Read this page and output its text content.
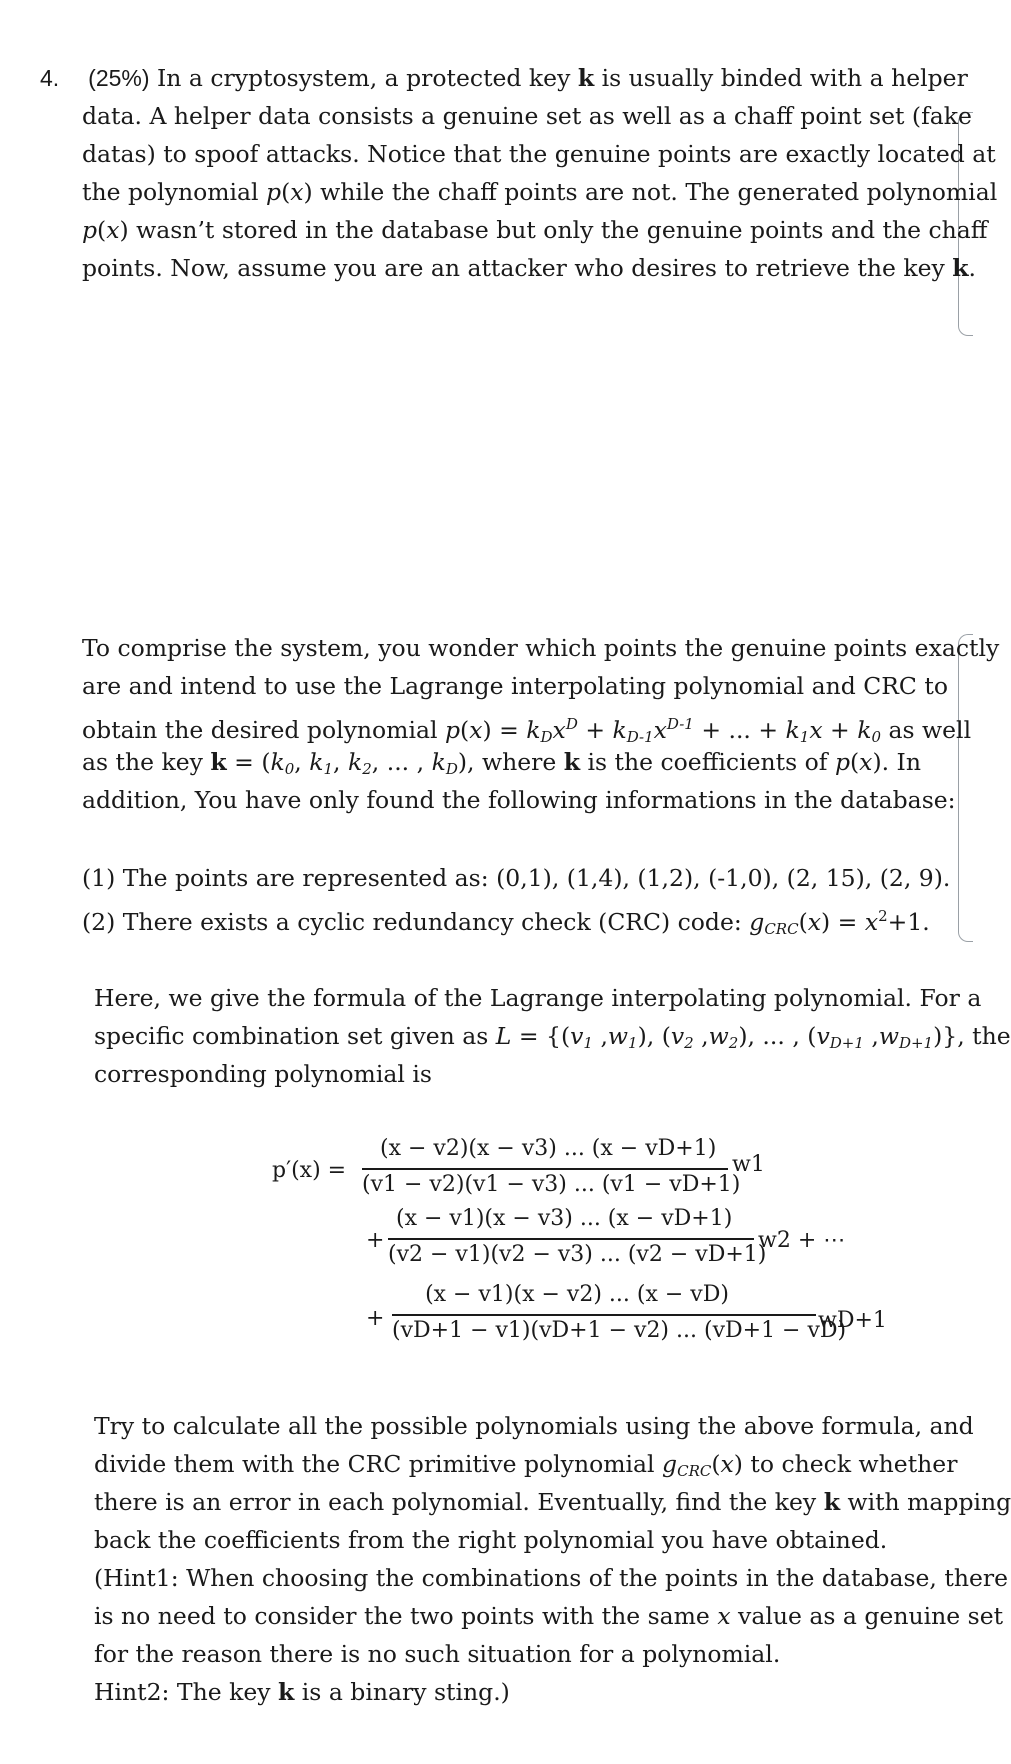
4. (25%) In a cryptosystem, a protected key k is usually binded with a helper
data. A helper data consists a genuine set as well as a chaff point set (fake
datas) to spoof attacks. Notice that the genuine points are exactly located at
the polynomial p(x) while the chaff points are not. The generated polynomial
p(x) wasn’t stored in the database but only the genuine points and the chaff
points. Now, assume you are an attacker who desires to retrieve the key k.
To comprise the system, you wonder which points the genuine points exactly
are and intend to use the Lagrange interpolating polynomial and CRC to
obtain the desired polynomial $p(x) = k_Dx^D + k_{D-1}x^{D-1}$ + ... + $k_1x + k_0$ as well
as the key $k = (k_0$, $k_1$, $k_2$, ... , $k_D$), where k is the coefficients of p(x). In
addition, You have only found the following informations in the database:
(1) The points are represented as: (0,1), (1,4), (1,2), (-1,0), (2, 15), (2, 9).
(2) There exists a cyclic redundancy check (CRC) code: $g_{CRC}(x) = x^2+1$.
Here, we give the formula of the Lagrange interpolating polynomial. For a
specific combination set given as $L = \{(v_1$ $,w_1$), ($v_2$ $,w_2$), ... , ($v_{D+1}$ $,w_{D+1}$)}, the
corresponding polynomial is
p′(x) =
(x − v2)(x − v3) ... (x − vD+1)
(v1 − v2)(v1 − v3) ... (v1 − vD+1)
w1
+
(x − v1)(x − v3) ... (x − vD+1)
(v2 − v1)(v2 − v3) ... (v2 − vD+1)
w2 + ⋯
+
(x − v1)(x − v2) ... (x − vD)
(vD+1 − v1)(vD+1 − v2) ... (vD+1 − vD)
wD+1
Try to calculate all the possible polynomials using the above formula, and
divide them with the CRC primitive polynomial $g_{CRC}(x)$ to check whether
there is an error in each polynomial. Eventually, find the key k with mapping
back the coefficients from the right polynomial you have obtained.
(Hint1: When choosing the combinations of the points in the database, there
is no need to consider the two points with the same x value as a genuine set
for the reason there is no such situation for a polynomial.
Hint2: The key k is a binary sting.)
